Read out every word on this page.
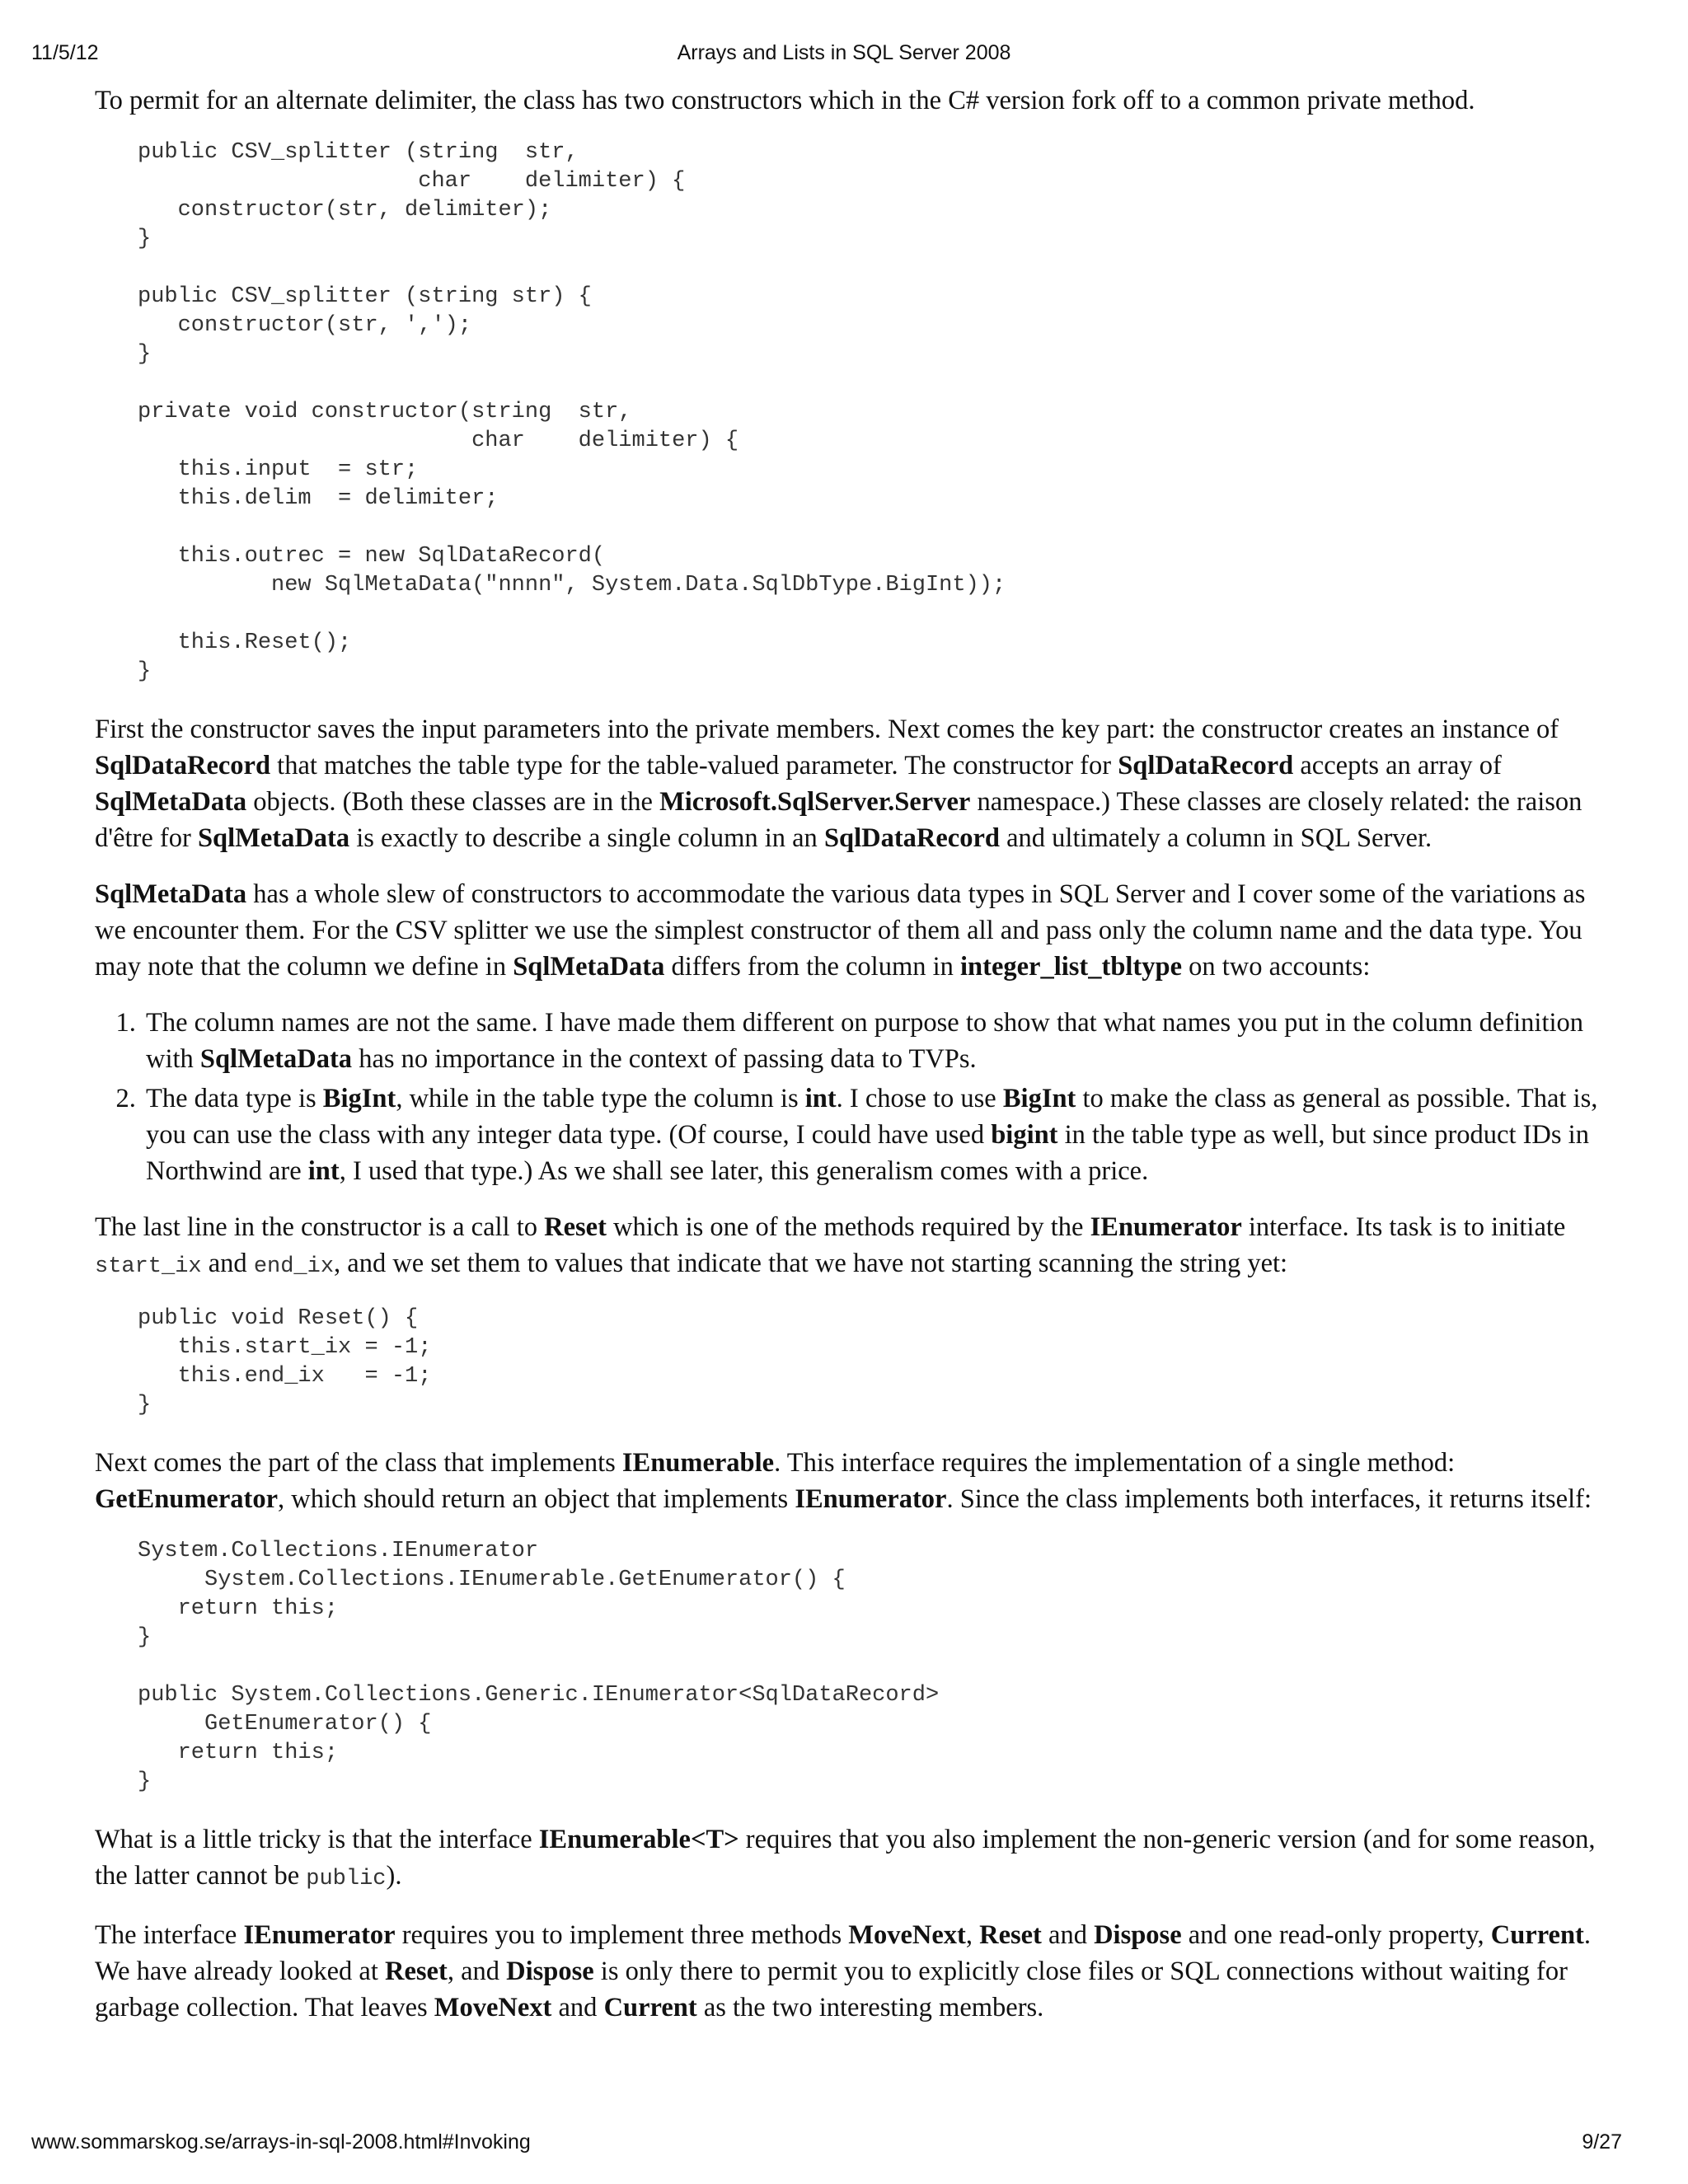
11/5/12	Arrays and Lists in SQL Server 2008

To permit for an alternate delimiter, the class has two constructors which in the C# version fork off to a common private method.

public CSV_splitter (string  str,
char    delimiter) {
constructor(str, delimiter);
}

public CSV_splitter (string str) {
constructor(str, ',');
}

private void constructor(string  str,
char    delimiter) {
this.input  = str;
this.delim  = delimiter;

this.outrec = new SqlDataRecord(
new SqlMetaData("nnnn", System.Data.SqlDbType.BigInt));

this.Reset();
}

First the constructor saves the input parameters into the private members. Next comes the key part: the constructor creates an instance of SqlDataRecord that matches the table type for the table-valued parameter. The constructor for SqlDataRecord accepts an array of SqlMetaData objects. (Both these classes are in the Microsoft.SqlServer.Server namespace.) These classes are closely related: the raison d'être for SqlMetaData is exactly to describe a single column in an SqlDataRecord and ultimately a column in SQL Server.

SqlMetaData has a whole slew of constructors to accommodate the various data types in SQL Server and I cover some of the variations as we encounter them. For the CSV splitter we use the simplest constructor of them all and pass only the column name and the data type. You may note that the column we define in SqlMetaData differs from the column in integer_list_tbltype on two accounts:

1. The column names are not the same. I have made them different on purpose to show that what names you put in the column definition with SqlMetaData has no importance in the context of passing data to TVPs.
2. The data type is BigInt, while in the table type the column is int. I chose to use BigInt to make the class as general as possible. That is, you can use the class with any integer data type. (Of course, I could have used bigint in the table type as well, but since product IDs in Northwind are int, I used that type.) As we shall see later, this generalism comes with a price.

The last line in the constructor is a call to Reset which is one of the methods required by the IEnumerator interface. Its task is to initiate start_ix and end_ix, and we set them to values that indicate that we have not starting scanning the string yet:

public void Reset() {
this.start_ix = -1;
this.end_ix   = -1;
}

Next comes the part of the class that implements IEnumerable. This interface requires the implementation of a single method: GetEnumerator, which should return an object that implements IEnumerator. Since the class implements both interfaces, it returns itself:

System.Collections.IEnumerator
System.Collections.IEnumerable.GetEnumerator() {
return this;
}

public System.Collections.Generic.IEnumerator<SqlDataRecord>
GetEnumerator() {
return this;
}

What is a little tricky is that the interface IEnumerable<T> requires that you also implement the non-generic version (and for some reason, the latter cannot be public).

The interface IEnumerator requires you to implement three methods MoveNext, Reset and Dispose and one read-only property, Current. We have already looked at Reset, and Dispose is only there to permit you to explicitly close files or SQL connections without waiting for garbage collection. That leaves MoveNext and Current as the two interesting members.

www.sommarskog.se/arrays-in-sql-2008.html#Invoking	9/27
